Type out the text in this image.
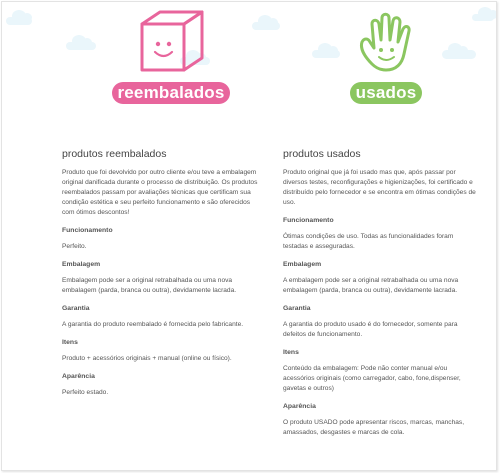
reembalados	usados
produtos reembalados

Produto que foi devolvido por outro cliente e/ou teve a embalagem original danificada durante o processo de distribuição. Os produtos reembalados passam por avaliações técnicas que certificam sua condição estética e seu perfeito funcionamento e são oferecidos com ótimos descontos!

Funcionamento

Perfeito.

Embalagem

Embalagem pode ser a original retrabalhada ou uma nova embalagem (parda, branca ou outra), devidamente lacrada.

Garantia

A garantia do produto reembalado é fornecida pelo fabricante.

Itens

Produto + acessórios originais + manual (online ou físico).

Aparência

Perfeito estado.

produtos usados

Produto original que já foi usado mas que, após passar por diversos testes, reconfigurações e higienizações, foi certificado e distribuído pelo fornecedor e se encontra em ótimas condições de uso.

Funcionamento

Ótimas condições de uso. Todas as funcionalidades foram testadas e asseguradas.

Embalagem

A embalagem pode ser a original retrabalhada ou uma nova embalagem (parda, branca ou outra), devidamente lacrada.

Garantia

A garantia do produto usado é do fornecedor, somente para defeitos de funcionamento.

Itens

Conteúdo da embalagem: Pode não conter manual e/ou acessórios originais (como carregador, cabo, fone,dispenser, gavetas e outros)

Aparência

O produto USADO pode apresentar riscos, marcas, manchas, amassados, desgastes e marcas de cola.
